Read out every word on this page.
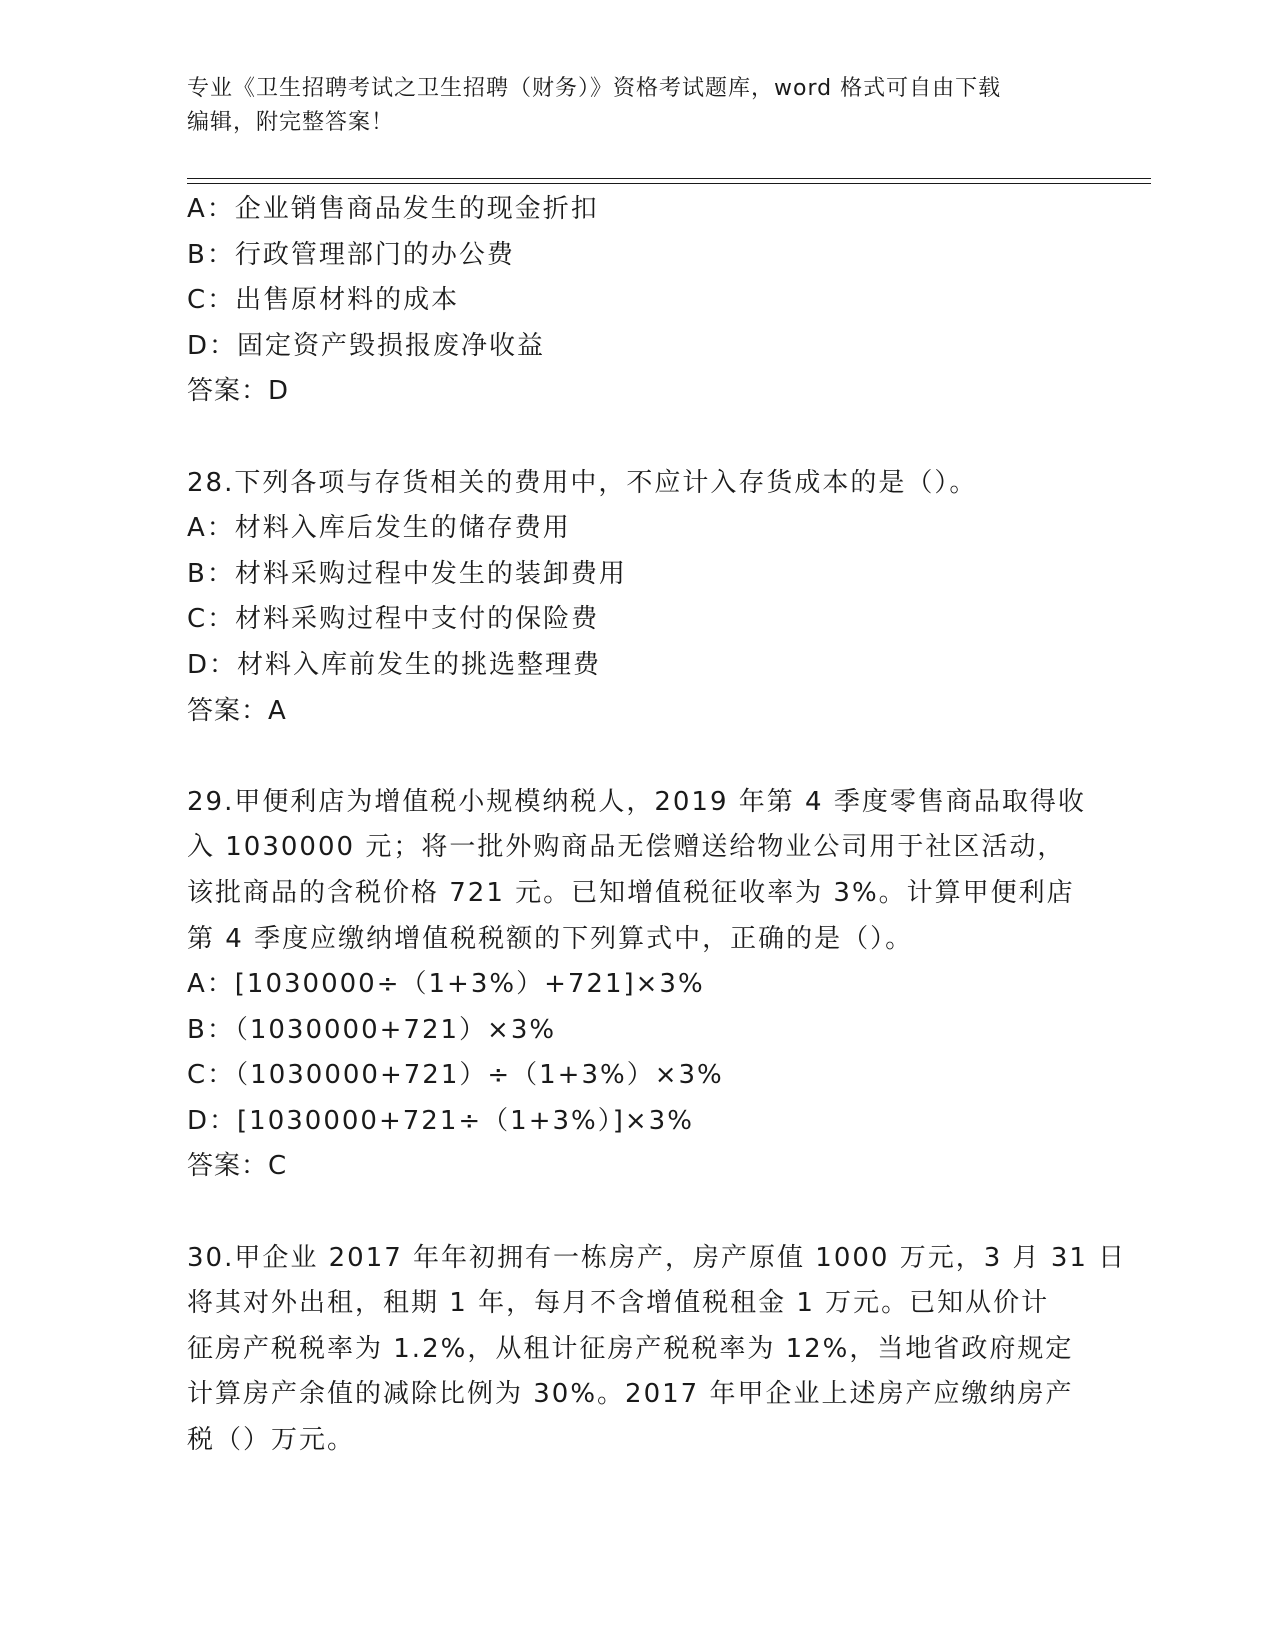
专业《卫生招聘考试之卫生招聘（财务）》资格考试题库，word 格式可自由下载
编辑，附完整答案！
A：企业销售商品发生的现金折扣
B：行政管理部门的办公费
C：出售原材料的成本
D：固定资产毁损报废净收益
答案：D
28.下列各项与存货相关的费用中，不应计入存货成本的是（）。
A：材料入库后发生的储存费用
B：材料采购过程中发生的装卸费用
C：材料采购过程中支付的保险费
D：材料入库前发生的挑选整理费
答案：A
29.甲便利店为增值税小规模纳税人，2019 年第 4 季度零售商品取得收
入 1030000 元；将一批外购商品无偿赠送给物业公司用于社区活动，
该批商品的含税价格 721 元。已知增值税征收率为 3%。计算甲便利店
第 4 季度应缴纳增值税税额的下列算式中，正确的是（）。
A：[1030000÷（1+3%）+721]×3%
B：（1030000+721）×3%
C：（1030000+721）÷（1+3%）×3%
D：[1030000+721÷（1+3%）]×3%
答案：C
30.甲企业 2017 年年初拥有一栋房产，房产原值 1000 万元，3 月 31 日
将其对外出租，租期 1 年，每月不含增值税租金 1 万元。已知从价计
征房产税税率为 1.2%，从租计征房产税税率为 12%，当地省政府规定
计算房产余值的减除比例为 30%。2017 年甲企业上述房产应缴纳房产
税（）万元。
